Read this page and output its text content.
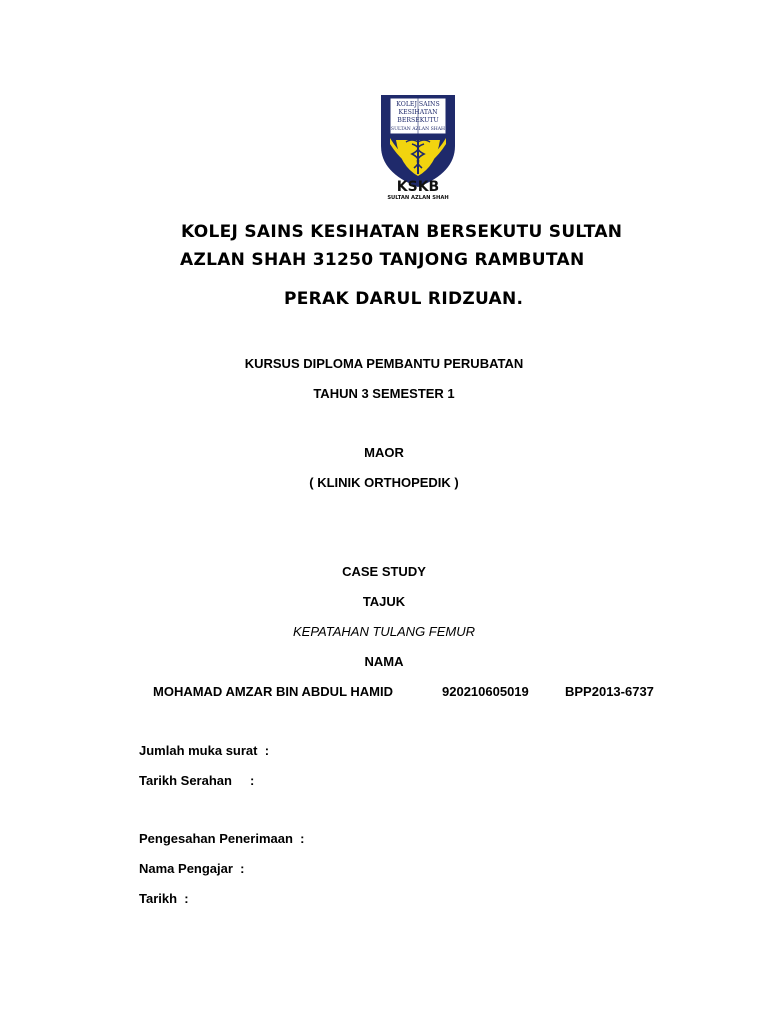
KOLEJ SAINS
KESIHATAN
BERSEKUTU
SULTAN AZLAN SHAH
KSKB
SULTAN AZLAN SHAH
KOLEJ SAINS KESIHATAN BERSEKUTU SULTAN
AZLAN SHAH 31250 TANJONG RAMBUTAN
PERAK DARUL RIDZUAN.
KURSUS DIPLOMA PEMBANTU PERUBATAN
TAHUN 3 SEMESTER 1
MAOR
( KLINIK ORTHOPEDIK )
CASE STUDY
TAJUK
KEPATAHAN TULANG FEMUR
NAMA
MOHAMAD AMZAR BIN ABDUL HAMID	920210605019	BPP2013-6737
Jumlah muka surat  :
Tarikh Serahan     :
Pengesahan Penerimaan  :
Nama Pengajar  :
Tarikh  :
